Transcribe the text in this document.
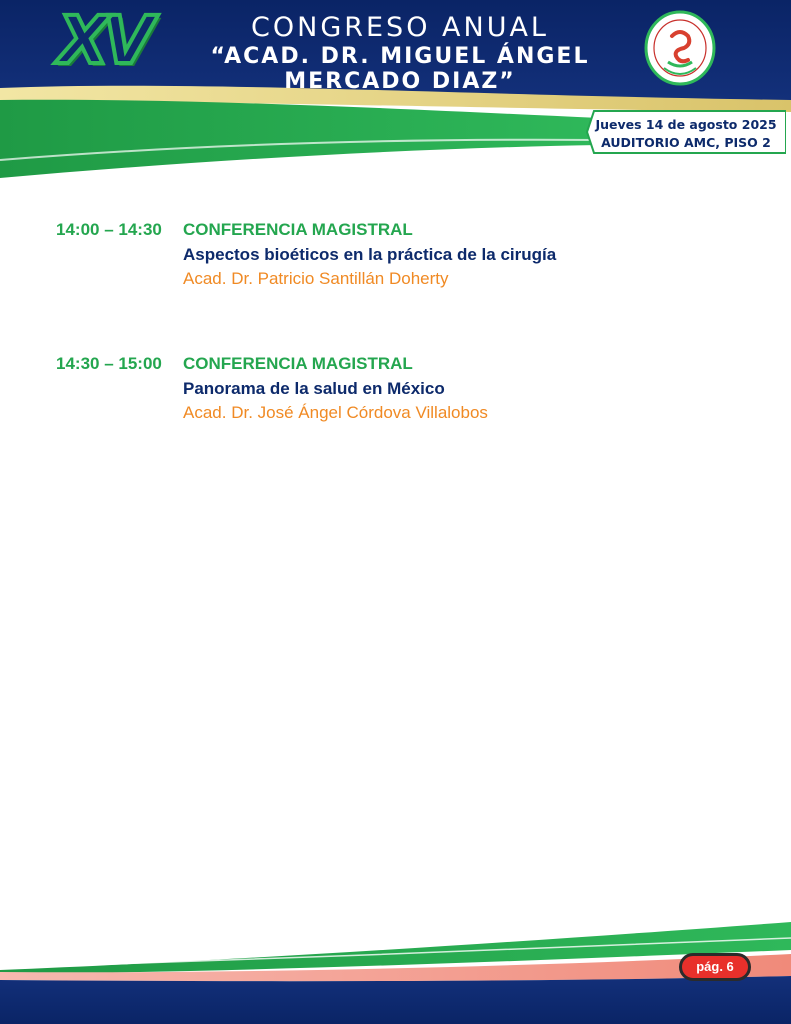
XV	CONGRESO ANUAL
“ACAD. DR. MIGUEL ÁNGEL MERCADO DIAZ”
Jueves 14 de agosto 2025
AUDITORIO AMC, PISO 2
14:00 – 14:30 CONFERENCIA MAGISTRAL
Aspectos bioéticos en la práctica de la cirugía
Acad. Dr. Patricio Santillán Doherty
14:30 – 15:00 CONFERENCIA MAGISTRAL
Panorama de la salud en México
Acad. Dr. José Ángel Córdova Villalobos
pág. 6
